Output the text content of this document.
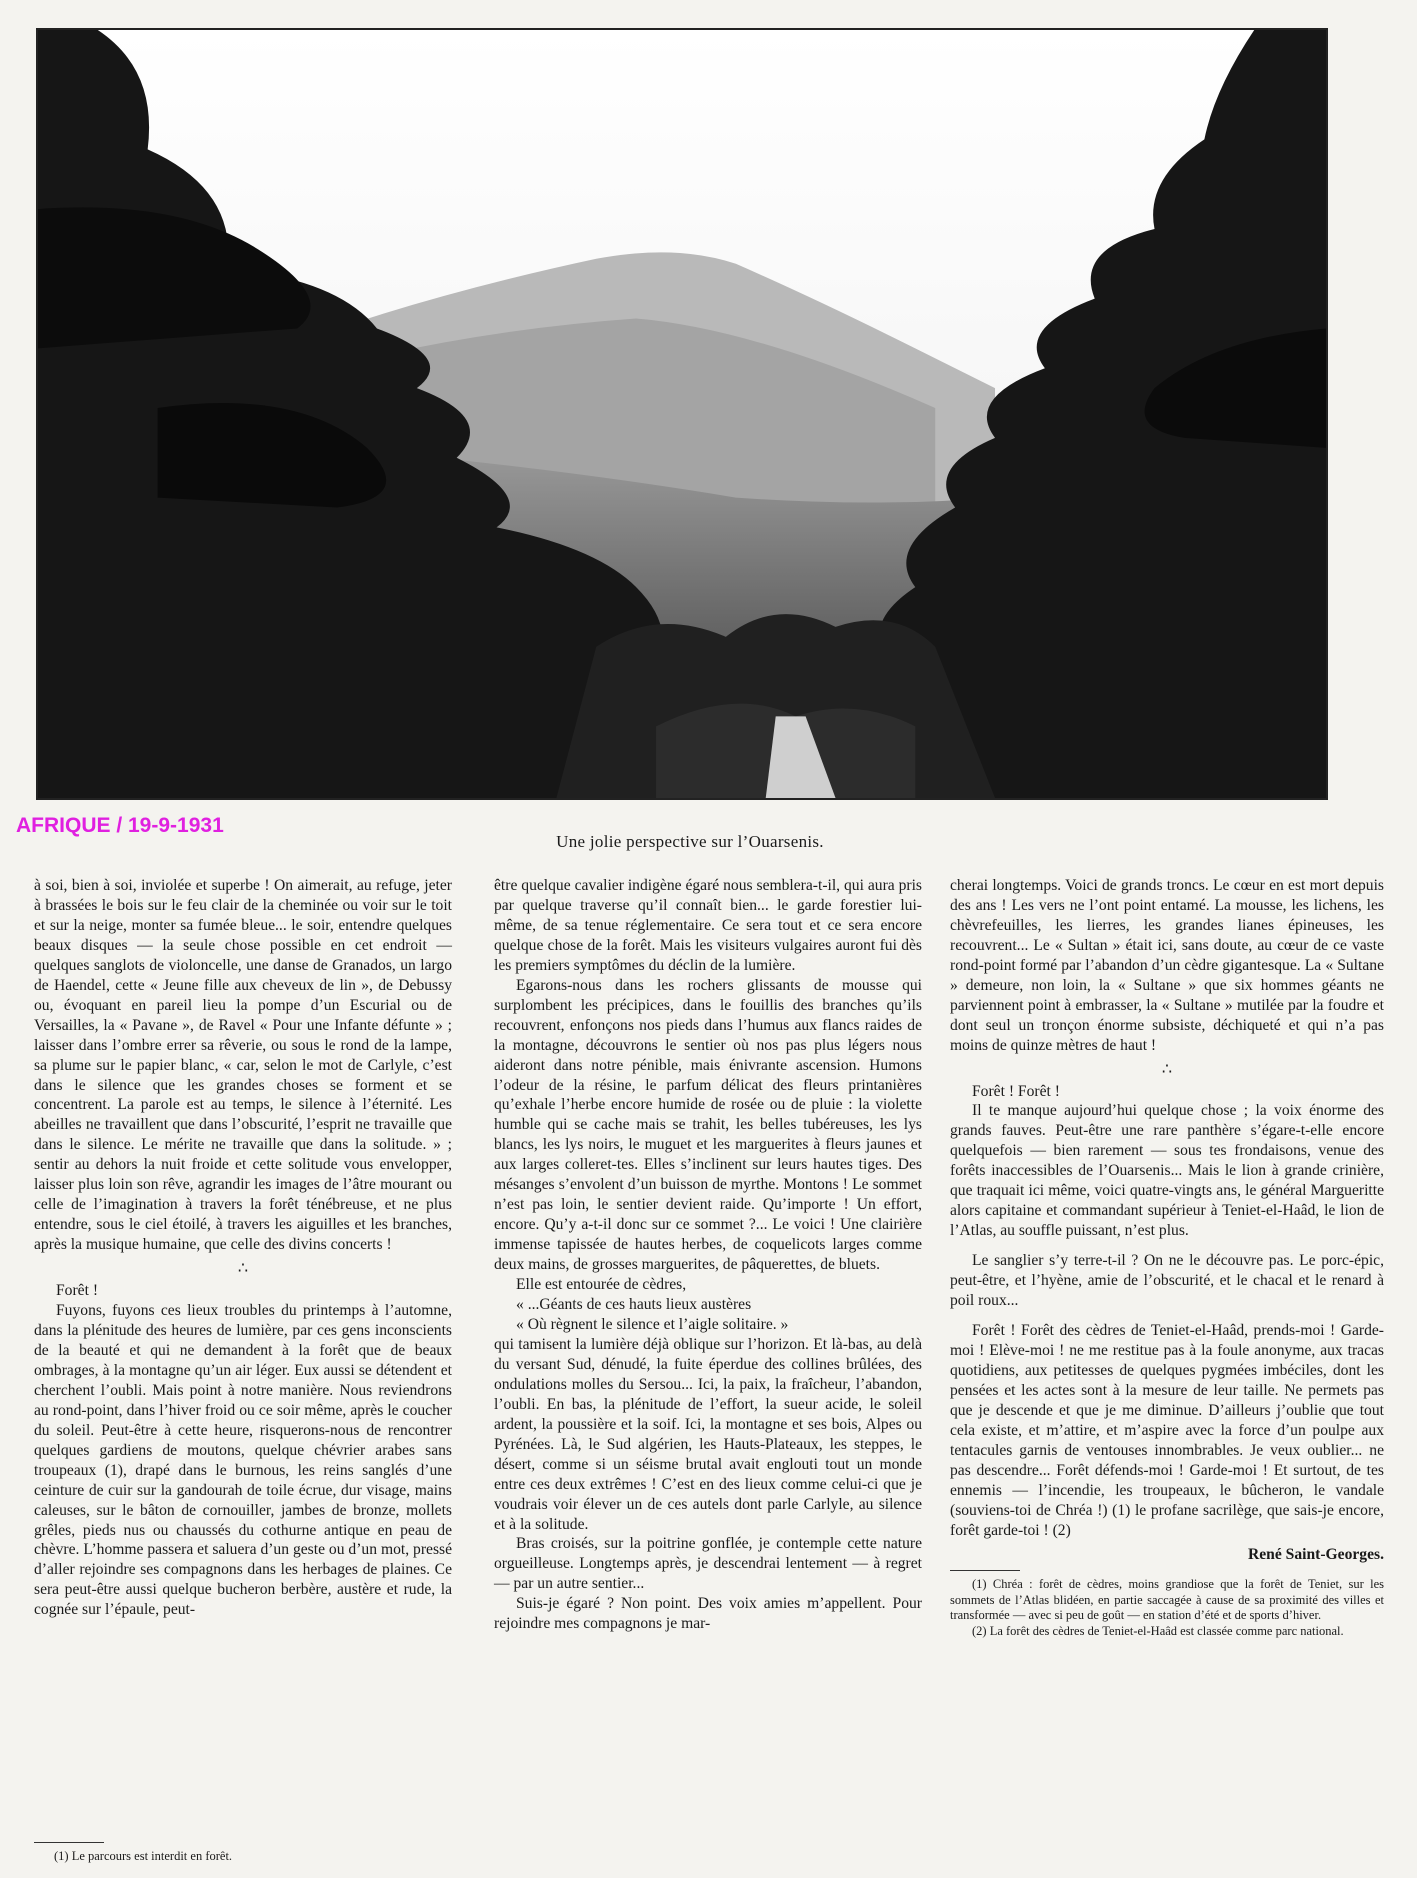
AFRIQUE / 19-9-1931
Une jolie perspective sur l’Ouarsenis.

à soi, bien à soi, inviolée et superbe ! On aimerait, au refuge, jeter à brassées le bois sur le feu clair de la cheminée ou voir sur le toit et sur la neige, monter sa fumée bleue... le soir, entendre quelques beaux disques — la seule chose possible en cet endroit — quelques sanglots de violoncelle, une danse de Granados, un largo de Haendel, cette « Jeune fille aux cheveux de lin », de Debussy ou, évoquant en pareil lieu la pompe d’un Escurial ou de Versailles, la « Pavane », de Ravel « Pour une Infante défunte » ; laisser dans l’ombre errer sa rêverie, ou sous le rond de la lampe, sa plume sur le papier blanc, « car, selon le mot de Carlyle, c’est dans le silence que les grandes choses se forment et se concentrent. La parole est au temps, le silence à l’éternité. Les abeilles ne travaillent que dans l’obscurité, l’esprit ne travaille que dans le silence. Le mérite ne travaille que dans la solitude. » ; sentir au dehors la nuit froide et cette solitude vous envelopper, laisser plus loin son rêve, agrandir les images de l’âtre mourant ou celle de l’imagination à travers la forêt ténébreuse, et ne plus entendre, sous le ciel étoilé, à travers les aiguilles et les branches, après la musique humaine, que celle des divins concerts !

∴

Forêt !

Fuyons, fuyons ces lieux troubles du printemps à l’automne, dans la plénitude des heures de lumière, par ces gens inconscients de la beauté et qui ne demandent à la forêt que de beaux ombrages, à la montagne qu’un air léger. Eux aussi se détendent et cherchent l’oubli. Mais point à notre manière. Nous reviendrons au rond-point, dans l’hiver froid ou ce soir même, après le coucher du soleil. Peut-être à cette heure, risquerons-nous de rencontrer quelques gardiens de moutons, quelque chévrier arabes sans troupeaux (1), drapé dans le burnous, les reins sanglés d’une ceinture de cuir sur la gandourah de toile écrue, dur visage, mains caleuses, sur le bâton de cornouiller, jambes de bronze, mollets grêles, pieds nus ou chaussés du cothurne antique en peau de chèvre. L’homme passera et saluera d’un geste ou d’un mot, pressé d’aller rejoindre ses compagnons dans les herbages de plaines. Ce sera peut-être aussi quelque bucheron berbère, austère et rude, la cognée sur l’épaule, peut-

(1) Le parcours est interdit en forêt.

être quelque cavalier indigène égaré nous semblera-t-il, qui aura pris par quelque traverse qu’il connaît bien... le garde forestier lui-même, de sa tenue réglementaire. Ce sera tout et ce sera encore quelque chose de la forêt. Mais les visiteurs vulgaires auront fui dès les premiers symptômes du déclin de la lumière.

Egarons-nous dans les rochers glissants de mousse qui surplombent les précipices, dans le fouillis des branches qu’ils recouvrent, enfonçons nos pieds dans l’humus aux flancs raides de la montagne, découvrons le sentier où nos pas plus légers nous aideront dans notre pénible, mais énivrante ascension. Humons l’odeur de la résine, le parfum délicat des fleurs printanières qu’exhale l’herbe encore humide de rosée ou de pluie : la violette humble qui se cache mais se trahit, les belles tubéreuses, les lys blancs, les lys noirs, le muguet et les marguerites à fleurs jaunes et aux larges colleret-tes. Elles s’inclinent sur leurs hautes tiges. Des mésanges s’envolent d’un buisson de myrthe. Montons ! Le sommet n’est pas loin, le sentier devient raide. Qu’importe ! Un effort, encore. Qu’y a-t-il donc sur ce sommet ?... Le voici ! Une clairière immense tapissée de hautes herbes, de coquelicots larges comme deux mains, de grosses marguerites, de pâquerettes, de bluets.

Elle est entourée de cèdres,

« ...Géants de ces hauts lieux austères

« Où règnent le silence et l’aigle solitaire. »

qui tamisent la lumière déjà oblique sur l’horizon. Et là-bas, au delà du versant Sud, dénudé, la fuite éperdue des collines brûlées, des ondulations molles du Sersou... Ici, la paix, la fraîcheur, l’abandon, l’oubli. En bas, la plénitude de l’effort, la sueur acide, le soleil ardent, la poussière et la soif. Ici, la montagne et ses bois, Alpes ou Pyrénées. Là, le Sud algérien, les Hauts-Plateaux, les steppes, le désert, comme si un séisme brutal avait englouti tout un monde entre ces deux extrêmes ! C’est en des lieux comme celui-ci que je voudrais voir élever un de ces autels dont parle Carlyle, au silence et à la solitude.

Bras croisés, sur la poitrine gonflée, je contemple cette nature orgueilleuse. Longtemps après, je descendrai lentement — à regret — par un autre sentier...

Suis-je égaré ? Non point. Des voix amies m’appellent. Pour rejoindre mes compagnons je mar-

cherai longtemps. Voici de grands troncs. Le cœur en est mort depuis des ans ! Les vers ne l’ont point entamé. La mousse, les lichens, les chèvrefeuilles, les lierres, les grandes lianes épineuses, les recouvrent... Le « Sultan » était ici, sans doute, au cœur de ce vaste rond-point formé par l’abandon d’un cèdre gigantesque. La « Sultane » demeure, non loin, la « Sultane » que six hommes géants ne parviennent point à embrasser, la « Sultane » mutilée par la foudre et dont seul un tronçon énorme subsiste, déchiqueté et qui n’a pas moins de quinze mètres de haut !

∴

Forêt ! Forêt !

Il te manque aujourd’hui quelque chose ; la voix énorme des grands fauves. Peut-être une rare panthère s’égare-t-elle encore quelquefois — bien rarement — sous tes frondaisons, venue des forêts inaccessibles de l’Ouarsenis... Mais le lion à grande crinière, que traquait ici même, voici quatre-vingts ans, le général Margueritte alors capitaine et commandant supérieur à Teniet-el-Haâd, le lion de l’Atlas, au souffle puissant, n’est plus.

Le sanglier s’y terre-t-il ? On ne le découvre pas. Le porc-épic, peut-être, et l’hyène, amie de l’obscurité, et le chacal et le renard à poil roux...

Forêt ! Forêt des cèdres de Teniet-el-Haâd, prends-moi ! Garde-moi ! Elève-moi ! ne me restitue pas à la foule anonyme, aux tracas quotidiens, aux petitesses de quelques pygmées imbéciles, dont les pensées et les actes sont à la mesure de leur taille. Ne permets pas que je descende et que je me diminue. D’ailleurs j’oublie que tout cela existe, et m’attire, et m’aspire avec la force d’un poulpe aux tentacules garnis de ventouses innombrables. Je veux oublier... ne pas descendre... Forêt défends-moi ! Garde-moi ! Et surtout, de tes ennemis — l’incendie, les troupeaux, le bûcheron, le vandale (souviens-toi de Chréa !) (1) le profane sacrilège, que sais-je encore, forêt garde-toi ! (2)

René Saint-Georges.

(1) Chréa : forêt de cèdres, moins grandiose que la forêt de Teniet, sur les sommets de l’Atlas blidéen, en partie saccagée à cause de sa proximité des villes et transformée — avec si peu de goût — en station d’été et de sports d’hiver.

(2) La forêt des cèdres de Teniet-el-Haâd est classée comme parc national.
